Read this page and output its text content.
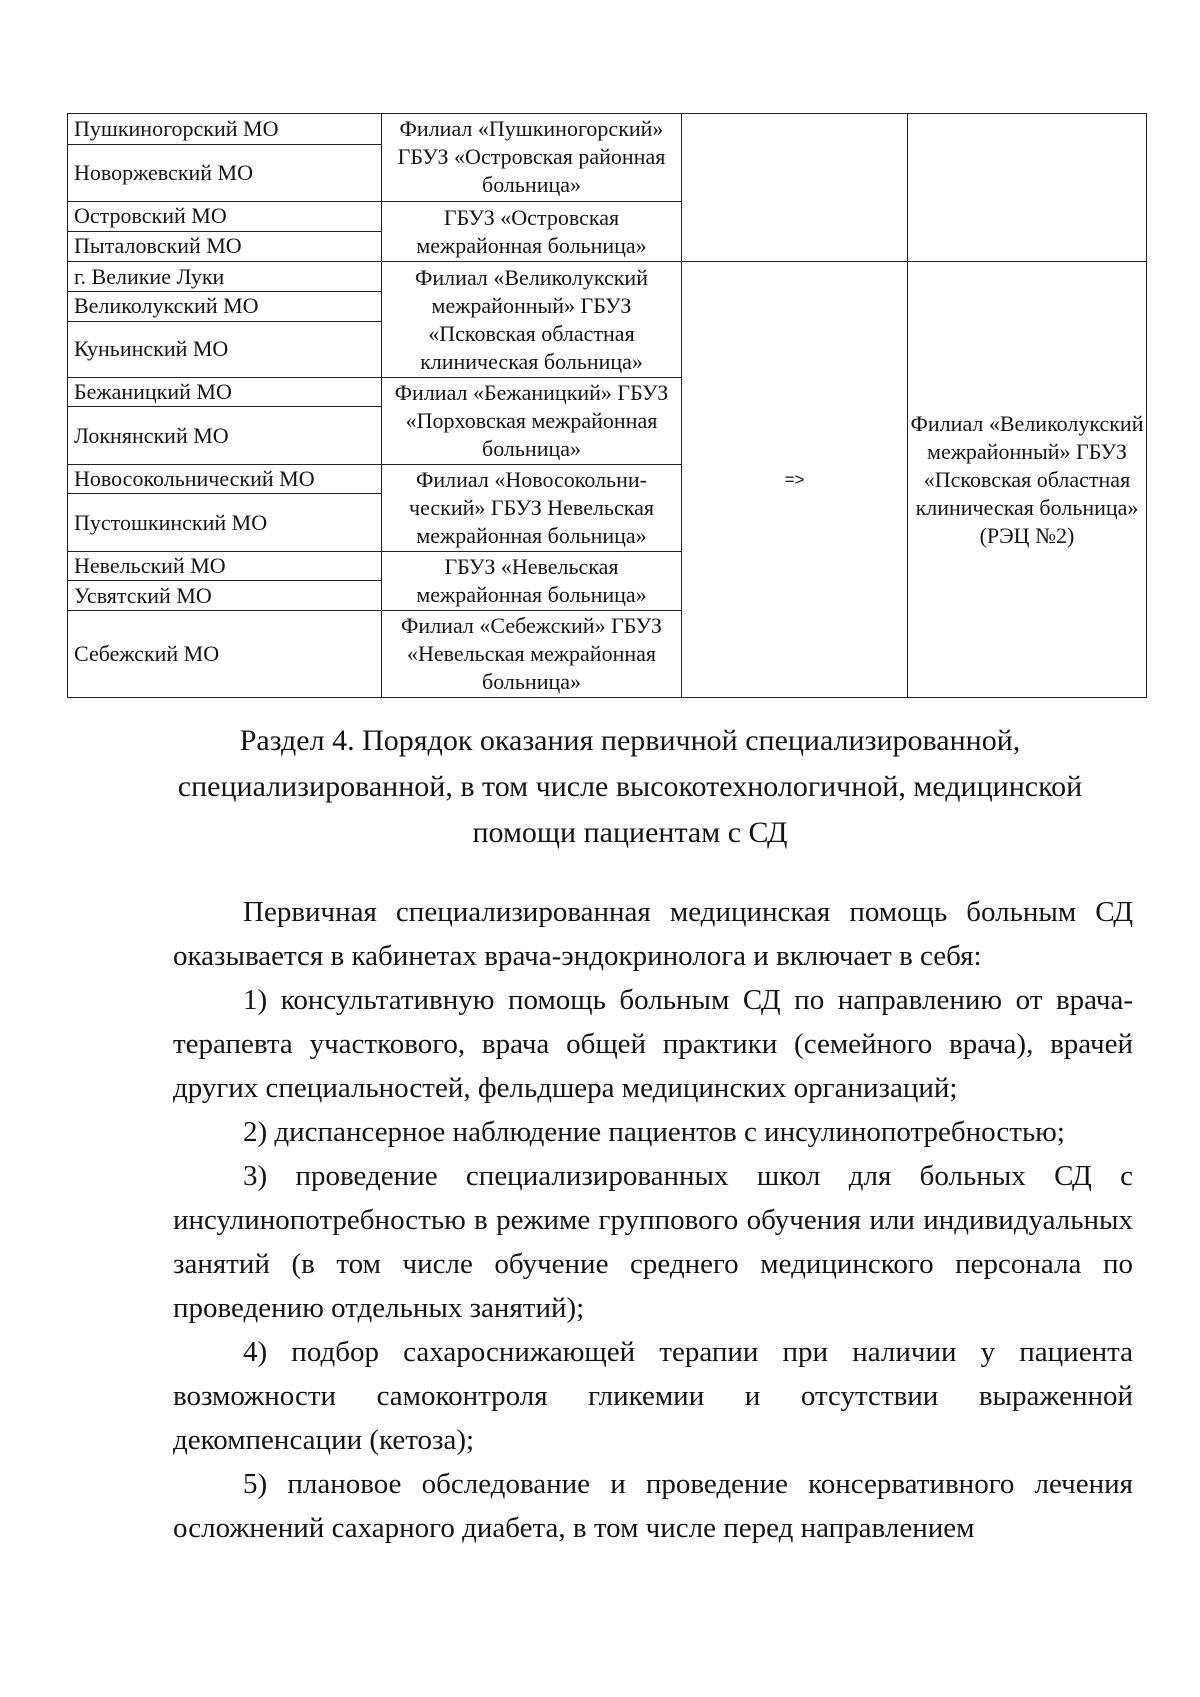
Пушкиногорский МО	Филиал «Пушкиногорский» ГБУЗ «Островская районная больница»		
Новоржевский МО			
Островский МО	ГБУЗ «Островская межрайонная больница»		
Пыталовский МО			
г. Великие Луки	Филиал «Великолукский межрайонный» ГБУЗ «Псковская областная клиническая больница»	=>	Филиал «Великолукский межрайонный» ГБУЗ «Псковская областная клиническая больница» (РЭЦ №2)
Великолукский МО			
Куньинский МО			
Бежаницкий МО	Филиал «Бежаницкий» ГБУЗ «Порховская межрайонная больница»		
Локнянский МО			
Новосокольнический МО	Филиал «Новосокольни-ческий» ГБУЗ Невельская межрайонная больница»		
Пустошкинский МО			
Невельский МО	ГБУЗ «Невельская межрайонная больница»		
Усвятский МО			
Себежский МО	Филиал «Себежский» ГБУЗ «Невельская межрайонная больница»		
Раздел 4. Порядок оказания первичной специализированной,
специализированной, в том числе высокотехнологичной, медицинской
помощи пациентам с СД

Первичная специализированная медицинская помощь больным СД оказывается в кабинетах врача-эндокринолога и включает в себя:

1) консультативную помощь больным СД по направлению от врача-терапевта участкового, врача общей практики (семейного врача), врачей других специальностей, фельдшера медицинских организаций;

2) диспансерное наблюдение пациентов с инсулинопотребностью;

3) проведение специализированных школ для больных СД с инсулинопотребностью в режиме группового обучения или индивидуальных занятий (в том числе обучение среднего медицинского персонала по проведению отдельных занятий);

4) подбор сахароснижающей терапии при наличии у пациента возможности самоконтроля гликемии и отсутствии выраженной декомпенсации (кетоза);

5) плановое обследование и проведение консервативного лечения осложнений сахарного диабета, в том числе перед направлением
